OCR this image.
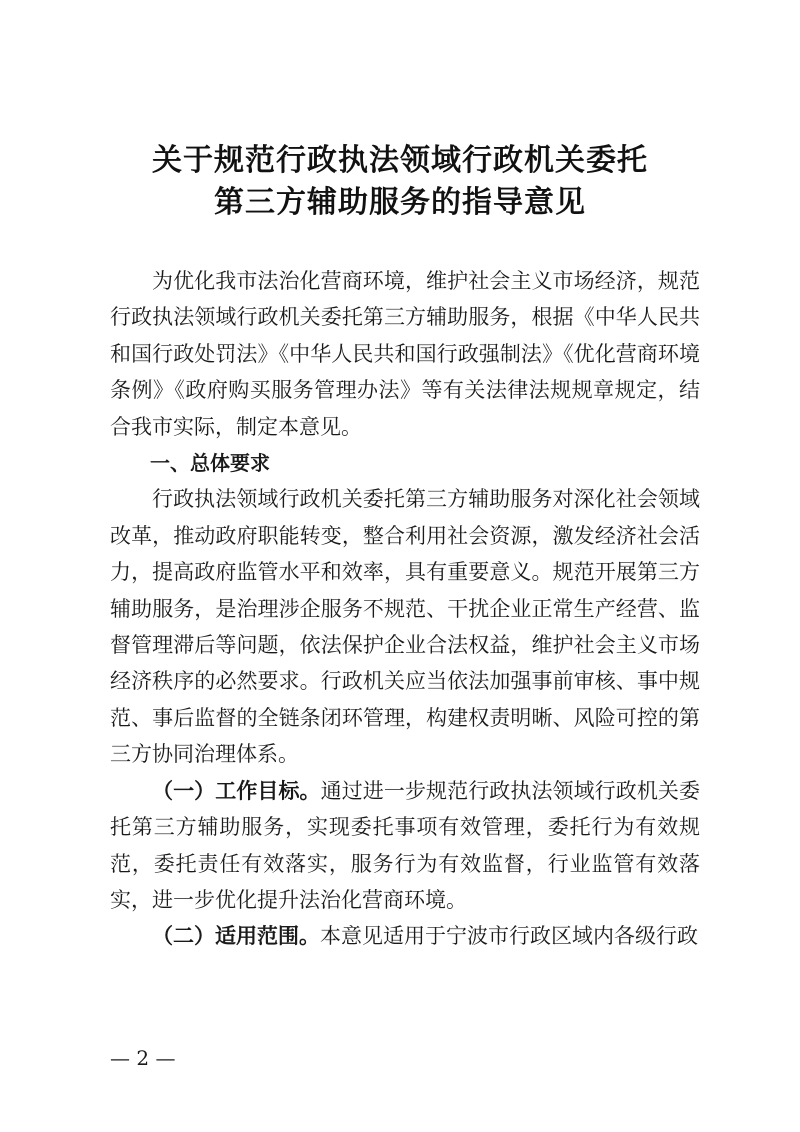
关于规范行政执法领域行政机关委托
第三方辅助服务的指导意见

为优化我市法治化营商环境，维护社会主义市场经济，规范行政执法领域行政机关委托第三方辅助服务，根据《中华人民共和国行政处罚法》《中华人民共和国行政强制法》《优化营商环境条例》《政府购买服务管理办法》等有关法律法规规章规定，结合我市实际，制定本意见。

一、总体要求

行政执法领域行政机关委托第三方辅助服务对深化社会领域改革，推动政府职能转变，整合利用社会资源，激发经济社会活力，提高政府监管水平和效率，具有重要意义。规范开展第三方辅助服务，是治理涉企服务不规范、干扰企业正常生产经营、监督管理滞后等问题，依法保护企业合法权益，维护社会主义市场经济秩序的必然要求。行政机关应当依法加强事前审核、事中规范、事后监督的全链条闭环管理，构建权责明晰、风险可控的第三方协同治理体系。

（一）工作目标。通过进一步规范行政执法领域行政机关委托第三方辅助服务，实现委托事项有效管理，委托行为有效规范，委托责任有效落实，服务行为有效监督，行业监管有效落实，进一步优化提升法治化营商环境。

（二）适用范围。本意见适用于宁波市行政区域内各级行政

— 2 —
